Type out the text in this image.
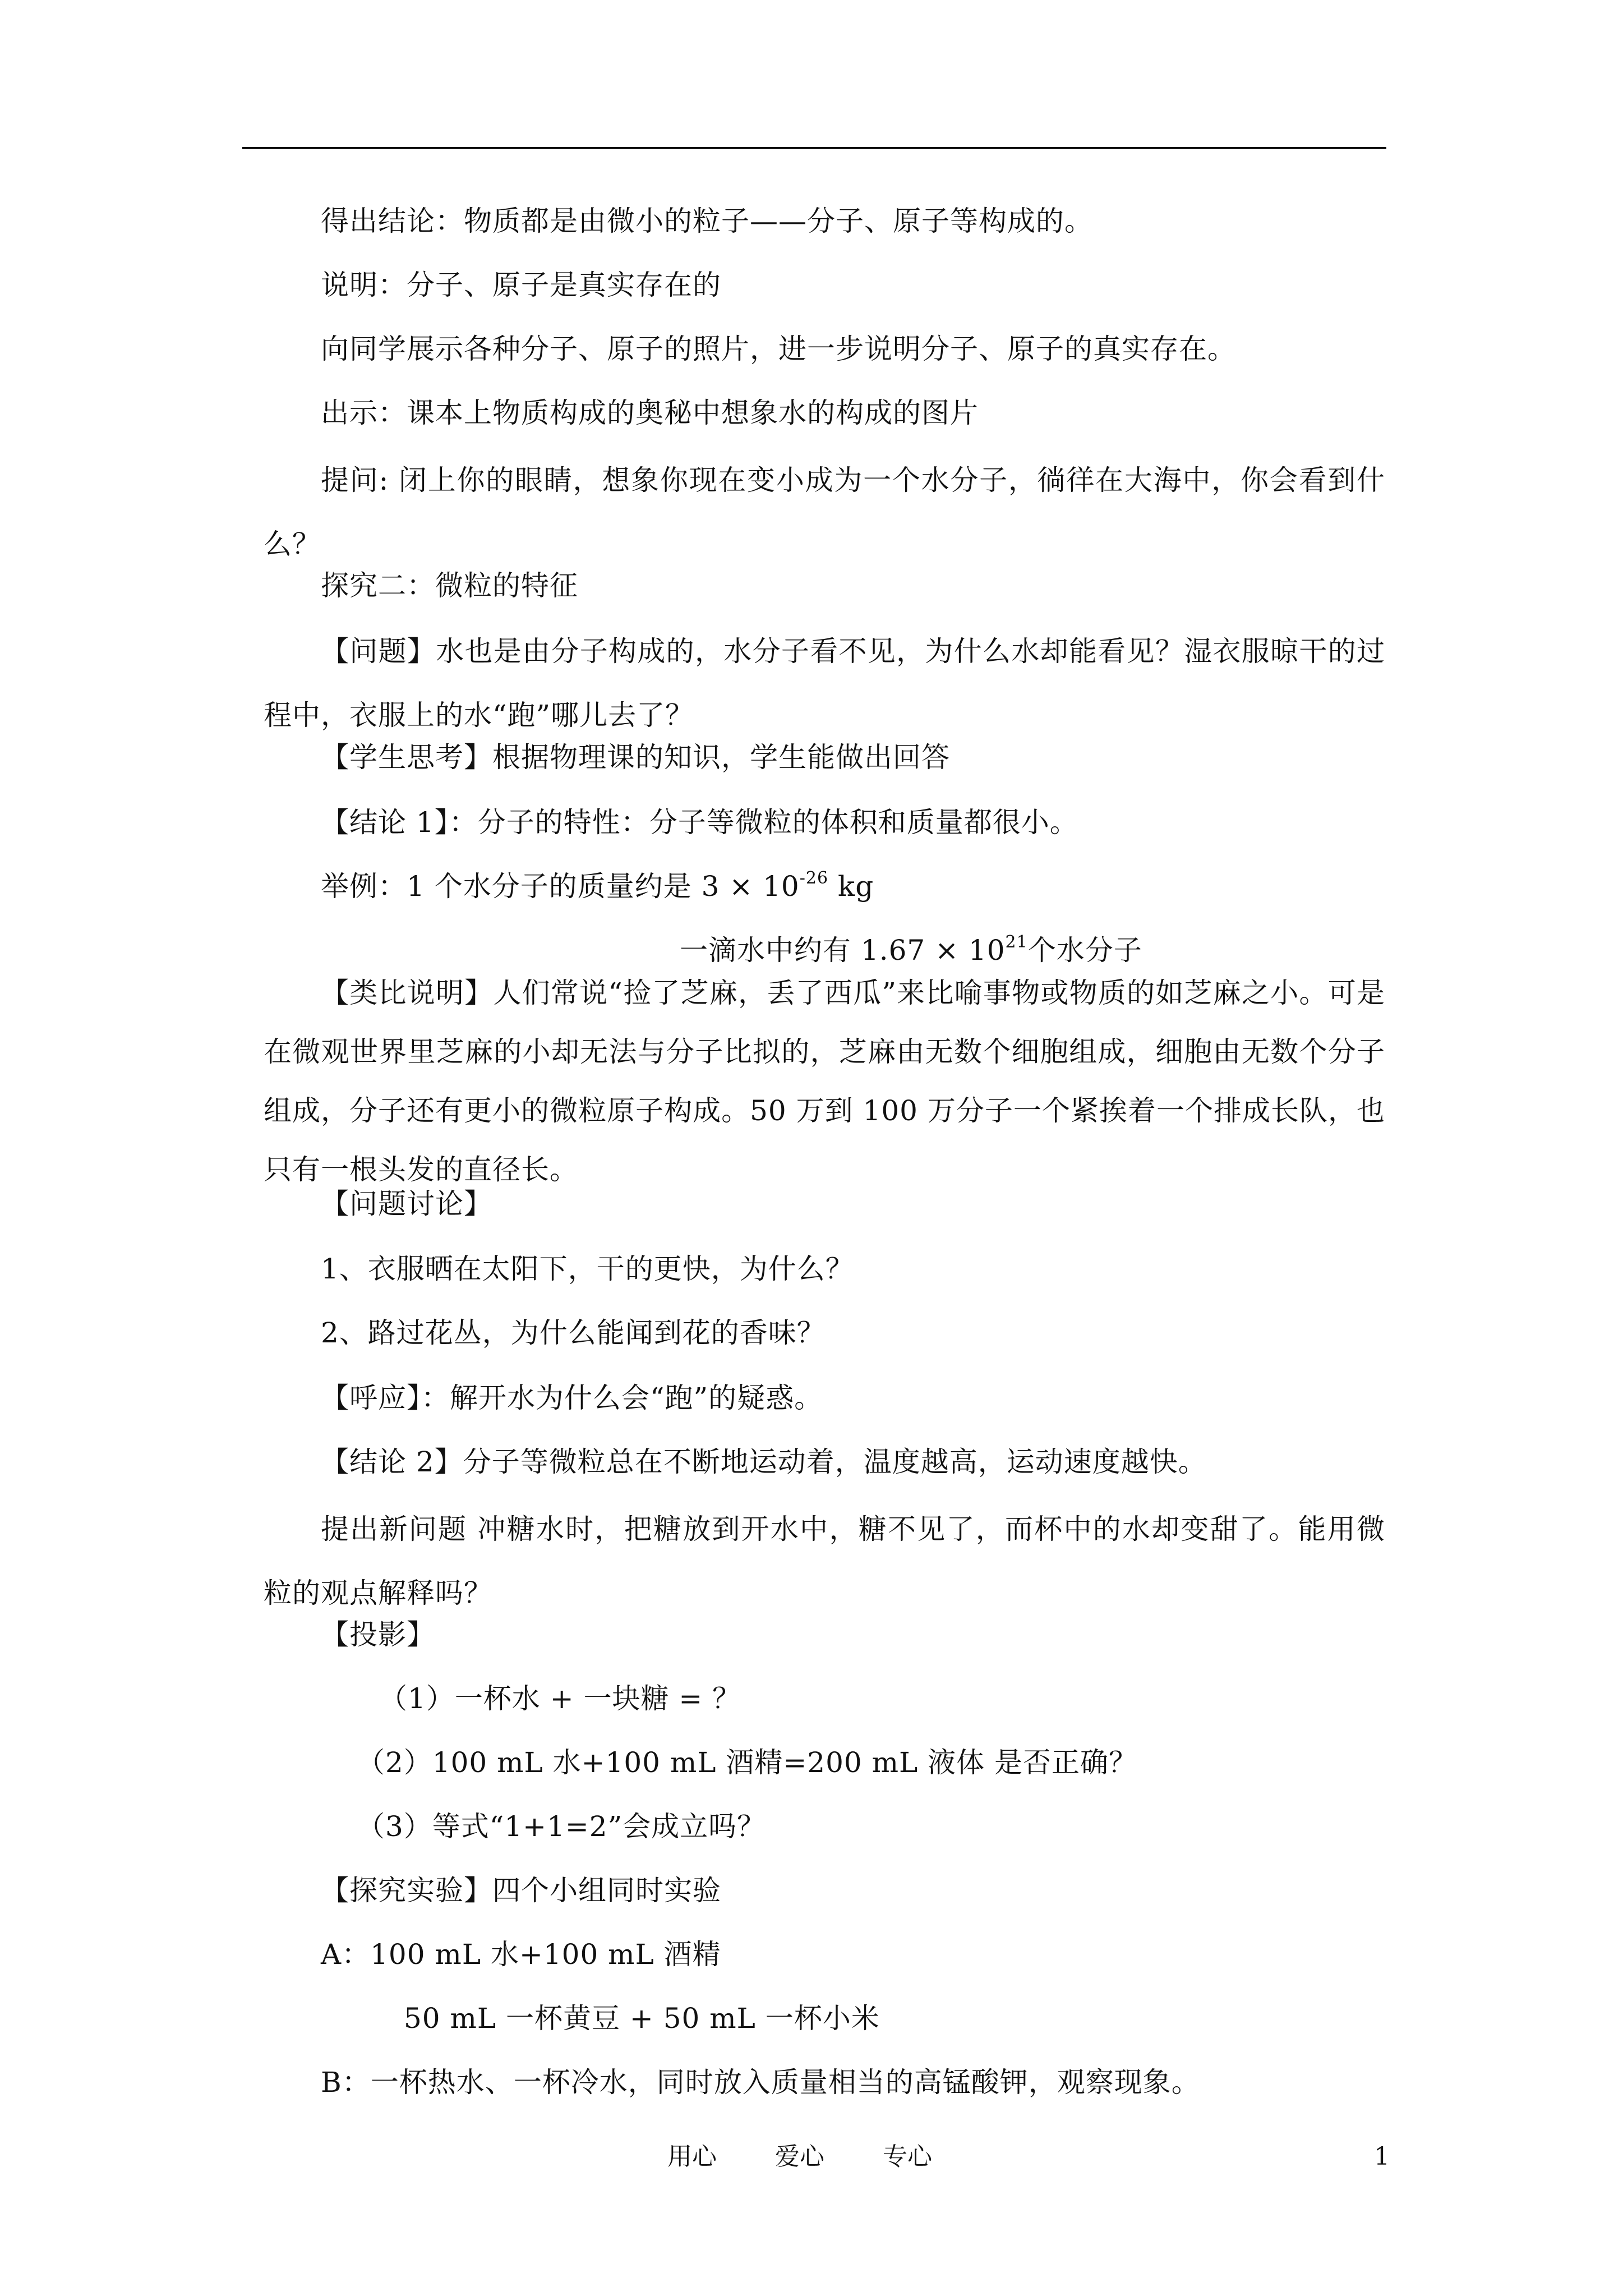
得出结论：物质都是由微小的粒子——分子、原子等构成的。
说明：分子、原子是真实存在的
向同学展示各种分子、原子的照片，进一步说明分子、原子的真实存在。
出示：课本上物质构成的奥秘中想象水的构成的图片
提问: 闭上你的眼睛，想象你现在变小成为一个水分子，徜徉在大海中，你会看到什么？
探究二：微粒的特征
【问题】水也是由分子构成的，水分子看不见，为什么水却能看见？湿衣服晾干的过程中，衣服上的水“跑”哪儿去了？
【学生思考】根据物理课的知识，学生能做出回答
【结论 1】：分子的特性：分子等微粒的体积和质量都很小。
举例：1 个水分子的质量约是 $3 \times 10^{-26}$ kg
一滴水中约有 $1.67 \times 10^{21}$个水分子
【类比说明】人们常说“捡了芝麻，丢了西瓜”来比喻事物或物质的如芝麻之小。可是在微观世界里芝麻的小却无法与分子比拟的，芝麻由无数个细胞组成，细胞由无数个分子组成，分子还有更小的微粒原子构成。50 万到 100 万分子一个紧挨着一个排成长队，也只有一根头发的直径长。
【问题讨论】
1、衣服晒在太阳下，干的更快，为什么？
2、路过花丛，为什么能闻到花的香味？
【呼应】：解开水为什么会“跑”的疑惑。
【结论 2】分子等微粒总在不断地运动着，温度越高，运动速度越快。
提出新问题 冲糖水时，把糖放到开水中，糖不见了，而杯中的水却变甜了。能用微粒的观点解释吗？
【投影】
（1）一杯水 + 一块糖 = ？
（2）100 mL 水+100 mL 酒精=200 mL 液体 是否正确？
（3）等式“1+1=2”会成立吗？
【探究实验】四个小组同时实验
A：100 mL 水+100 mL 酒精
50 mL 一杯黄豆 + 50 mL 一杯小米
B：一杯热水、一杯冷水，同时放入质量相当的高锰酸钾，观察现象。
用心 爱心 专心	1
